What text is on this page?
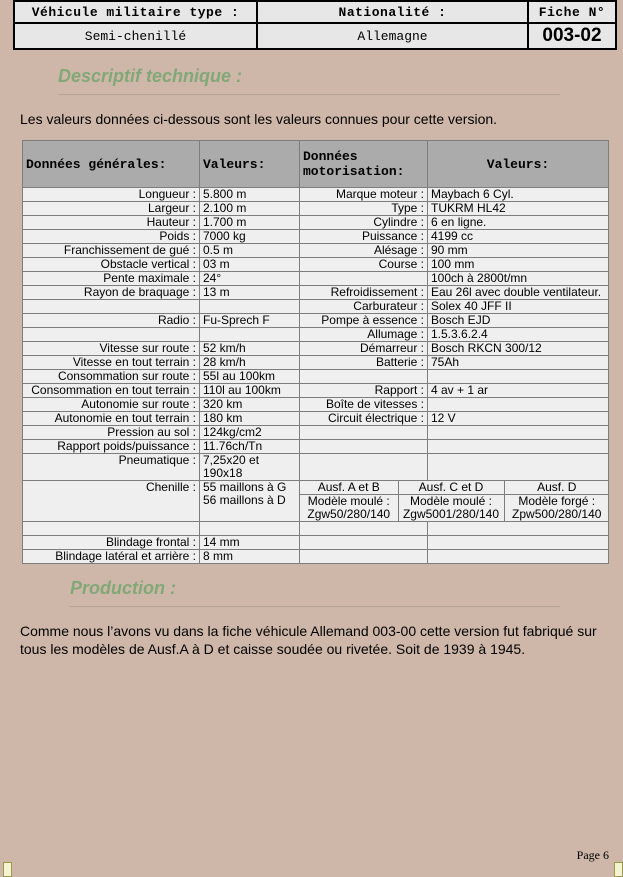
Véhicule militaire type :	Nationalité :	Fiche N°
Semi-chenillé	Allemagne	003-02
Descriptif technique :

Les valeurs données ci-dessous sont les valeurs connues pour cette version.

Données générales:	Valeurs:	Données motorisation:	Valeurs:
Longueur :	5.800 m	Marque moteur :	Maybach 6 Cyl.
Largeur :	2.100 m	Type :	TUKRM HL42
Hauteur :	1.700 m	Cylindre :	6 en ligne.
Poids :	7000 kg	Puissance :	4199 cc
Franchissement de gué :	0.5 m	Alésage :	90 mm
Obstacle vertical :	03 m	Course :	100 mm
Pente maximale :	24°		100ch à 2800t/mn
Rayon de braquage :	13 m	Refroidissement :	Eau 26l avec double ventilateur.
		Carburateur :	Solex 40 JFF II
Radio :	Fu-Sprech F	Pompe à essence :	Bosch EJD
		Allumage :	1.5.3.6.2.4
Vitesse sur route :	52 km/h	Démarreur :	Bosch RKCN 300/12
Vitesse en tout terrain :	28 km/h	Batterie :	75Ah
Consommation sur route :	55l au 100km		
Consommation en tout terrain :	110l au 100km	Rapport :	4 av + 1 ar
Autonomie sur route :	320 km	Boîte de vitesses :	
Autonomie en tout terrain :	180 km	Circuit électrique :	12 V
Pression au sol :	124kg/cm2		
Rapport poids/puissance :	11.76ch/Tn		
Pneumatique :	7,25x20 et 190x18		
Chenille :	55 maillons à G 56 maillons à D	
Ausf. A et B	Ausf. C et D	Ausf. D
Modèle moulé : Zgw50/280/140	Modèle moulé : Zgw5001/280/140	Modèle forgé : Zpw500/280/140

Blindage frontal :	14 mm		
Blindage latéral et arrière :	8 mm		
Production :

Comme nous l’avons vu dans la fiche véhicule Allemand 003-00 cette version fut fabriqué sur tous les modèles de Ausf.A à D et caisse soudée ou rivetée. Soit de 1939 à 1945.

Page 6
